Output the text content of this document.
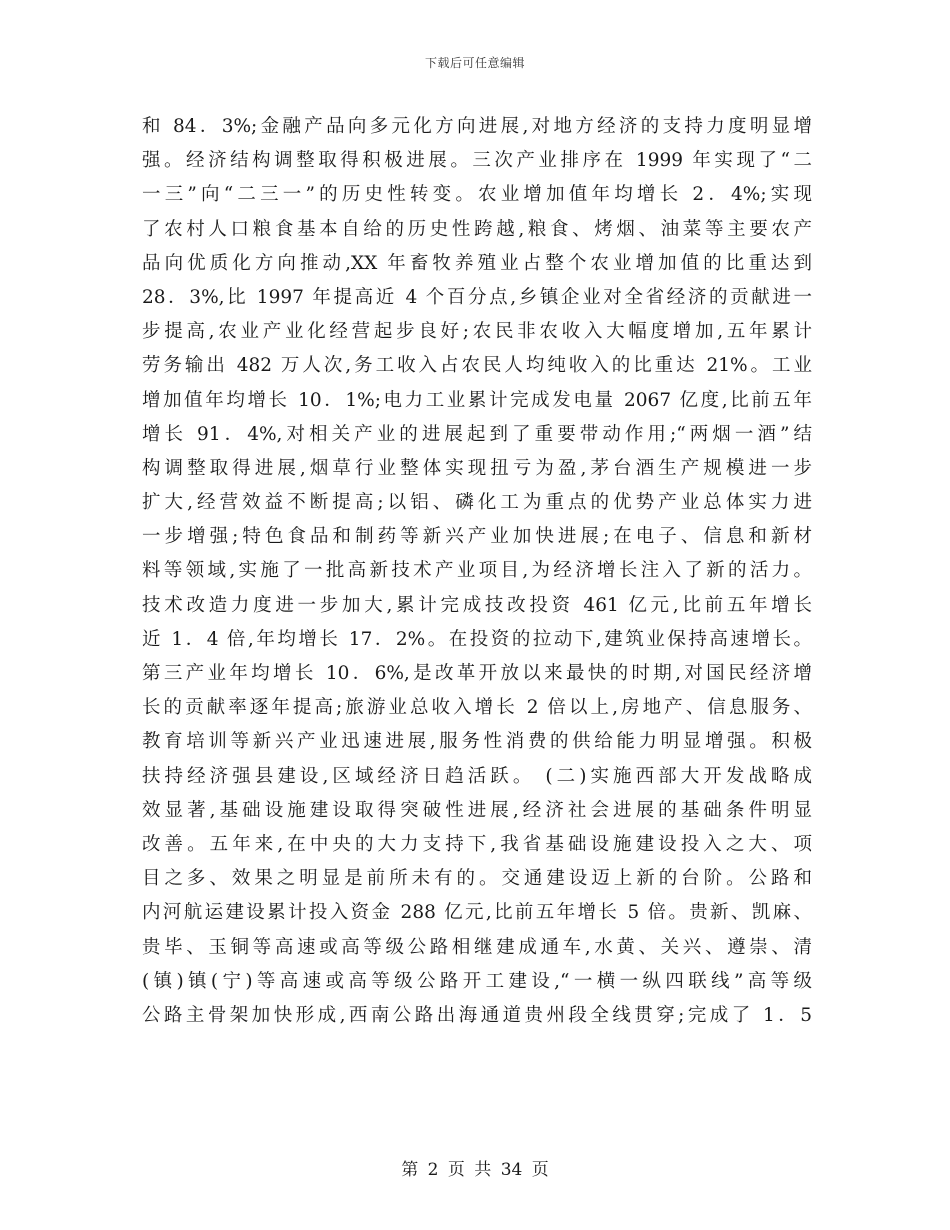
下载后可任意编辑
和 84．3%;金融产品向多元化方向进展,对地方经济的支持力度明显增
强。经济结构调整取得积极进展。三次产业排序在 1999 年实现了“二
一三”向“二三一”的历史性转变。农业增加值年均增长 2．4%;实现
了农村人口粮食基本自给的历史性跨越,粮食、烤烟、油菜等主要农产
品向优质化方向推动,XX 年畜牧养殖业占整个农业增加值的比重达到
28．3%,比 1997 年提高近 4 个百分点,乡镇企业对全省经济的贡献进一
步提高,农业产业化经营起步良好;农民非农收入大幅度增加,五年累计
劳务输出 482 万人次,务工收入占农民人均纯收入的比重达 21%。工业
增加值年均增长 10．1%;电力工业累计完成发电量 2067 亿度,比前五年
增长 91．4%,对相关产业的进展起到了重要带动作用;“两烟一酒”结
构调整取得进展,烟草行业整体实现扭亏为盈,茅台酒生产规模进一步
扩大,经营效益不断提高;以铝、磷化工为重点的优势产业总体实力进
一步增强;特色食品和制药等新兴产业加快进展;在电子、信息和新材
料等领域,实施了一批高新技术产业项目,为经济增长注入了新的活力。
技术改造力度进一步加大,累计完成技改投资 461 亿元,比前五年增长
近 1．4 倍,年均增长 17．2%。在投资的拉动下,建筑业保持高速增长。
第三产业年均增长 10．6%,是改革开放以来最快的时期,对国民经济增
长的贡献率逐年提高;旅游业总收入增长 2 倍以上,房地产、信息服务、
教育培训等新兴产业迅速进展,服务性消费的供给能力明显增强。积极
扶持经济强县建设,区域经济日趋活跃。 (二)实施西部大开发战略成
效显著,基础设施建设取得突破性进展,经济社会进展的基础条件明显
改善。五年来,在中央的大力支持下,我省基础设施建设投入之大、项
目之多、效果之明显是前所未有的。交通建设迈上新的台阶。公路和
内河航运建设累计投入资金 288 亿元,比前五年增长 5 倍。贵新、凯麻、
贵毕、玉铜等高速或高等级公路相继建成通车,水黄、关兴、遵崇、清
(镇)镇(宁)等高速或高等级公路开工建设,“一横一纵四联线”高等级
公路主骨架加快形成,西南公路出海通道贵州段全线贯穿;完成了 1．5
第 2 页 共 34 页
